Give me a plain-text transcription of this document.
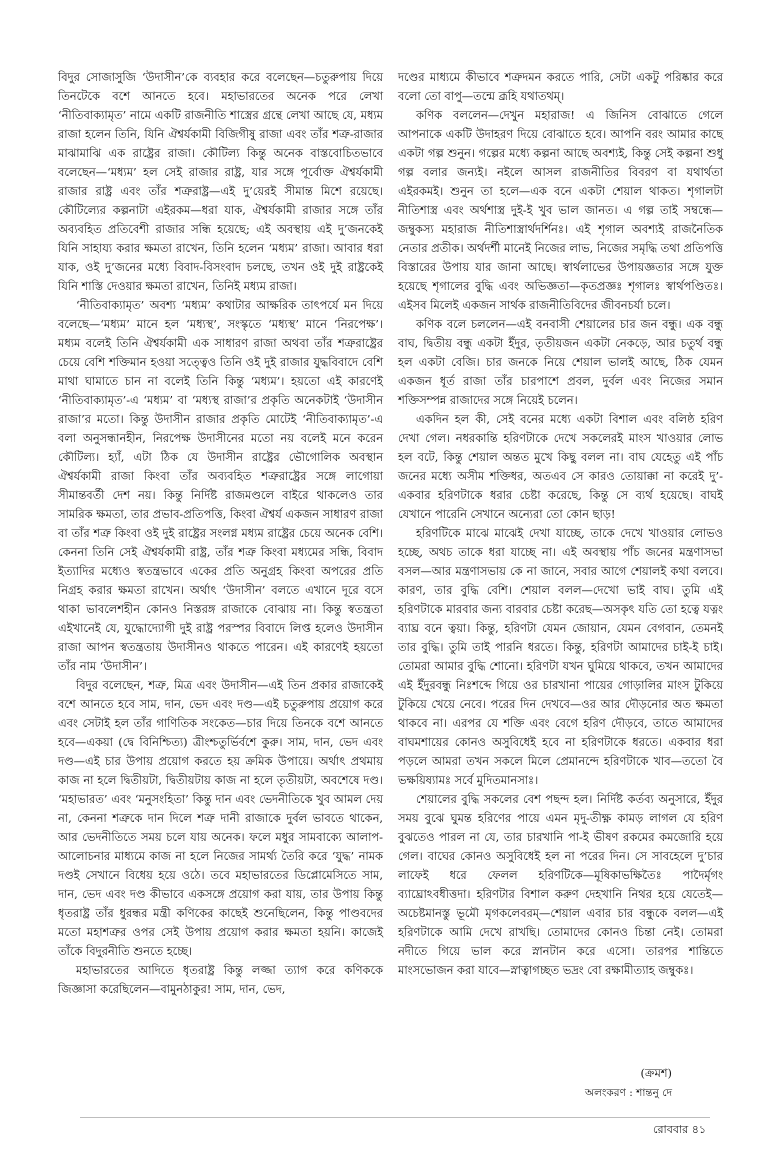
বিদুর সোজাসুজি ‘উদাসীন’কে ব্যবহার করে বলেছেন—চতুরুপায় দিয়ে তিনটেকে বশে আনতে হবে। মহাভারতের অনেক পরে লেখা ‘নীতিবাক্যামৃত’ নামে একটি রাজনীতি শাস্ত্রের গ্রন্থে লেখা আছে যে, মধ্যম রাজা হলেন তিনি, যিনি ঐশ্বর্যকামী বিজিগীষু রাজা এবং তাঁর শত্রু-রাজার মাঝামাঝি এক রাষ্ট্রের রাজা। কৌটিল্য কিন্তু অনেক বাস্তবোচিতভাবে বলেছেন—‘মধ্যম’ হল সেই রাজার রাষ্ট্র, যার সঙ্গে পূর্বোক্ত ঐশ্বর্যকামী রাজার রাষ্ট্র এবং তাঁর শত্রুরাষ্ট্র—এই দু’য়েরই সীমান্ত মিশে রয়েছে। কৌটিল্যের কল্পনাটা এইরকম—ধরা যাক, ঐশ্বর্যকামী রাজার সঙ্গে তাঁর অব্যবহিত প্রতিবেশী রাজার সন্ধি হয়েছে; এই অবস্থায় এই দু’জনকেই যিনি সাহায্য করার ক্ষমতা রাখেন, তিনি হলেন ‘মধ্যম’ রাজা। আবার ধরা যাক, ওই দু’জনের মধ্যে বিবাদ-বিসংবাদ চলছে, তখন ওই দুই রাষ্ট্রকেই যিনি শাস্তি দেওয়ার ক্ষমতা রাখেন, তিনিই মধ্যম রাজা।

‘নীতিবাক্যামৃত’ অবশ্য ‘মধ্যম’ কথাটার আক্ষরিক তাৎপর্যে মন দিয়ে বলেছে—‘মধ্যম’ মানে হল ‘মধ্যস্থ’, সংস্কৃতে ‘মধ্যস্থ’ মানে ‘নিরপেক্ষ’। মধ্যম বলেই তিনি ঐশ্বর্যকামী এক সাধারণ রাজা অথবা তাঁর শত্রুরাষ্ট্রের চেয়ে বেশি শক্তিমান হওয়া সত্ত্বেও তিনি ওই দুই রাজার যুদ্ধবিবাদে বেশি মাথা ঘামাতে চান না বলেই তিনি কিন্তু ‘মধ্যম’। হয়তো এই কারণেই ‘নীতিবাক্যামৃত’-এ ‘মধ্যম’ বা ‘মধ্যস্থ রাজা’র প্রকৃতি অনেকটাই ‘উদাসীন রাজা’র মতো। কিন্তু উদাসীন রাজার প্রকৃতি মোটেই ‘নীতিবাক্যামৃত’-এ বলা অনুসন্ধানহীন, নিরপেক্ষ উদাসীনের মতো নয় বলেই মনে করেন কৌটিল্য। হ্যাঁ, এটা ঠিক যে উদাসীন রাষ্ট্রের ভৌগোলিক অবস্থান ঐশ্বর্যকামী রাজা কিংবা তাঁর অব্যবহিত শত্রুরাষ্ট্রের সঙ্গে লাগোয়া সীমান্তবর্তী দেশ নয়। কিন্তু নির্দিষ্ট রাজমণ্ডলে বাইরে থাকলেও তার সামরিক ক্ষমতা, তার প্রভাব-প্রতিপত্তি, কিংবা ঐশ্বর্য একজন সাধারণ রাজা বা তাঁর শত্রু কিংবা ওই দুই রাষ্ট্রের সংলগ্ন মধ্যম রাষ্ট্রের চেয়ে অনেক বেশি। কেননা তিনি সেই ঐশ্বর্যকামী রাষ্ট্র, তাঁর শত্রু কিংবা মধ্যমের সন্ধি, বিবাদ ইত্যাদির মধ্যেও স্বতন্ত্রভাবে একের প্রতি অনুগ্রহ কিংবা অপরের প্রতি নিগ্রহ করার ক্ষমতা রাখেন। অর্থাৎ ‘উদাসীন’ বলতে এখানে দূরে বসে থাকা ভাবলেশহীন কোনও নিস্তরঙ্গ রাজাকে বোঝায় না। কিন্তু স্বতন্ত্রতা এইখানেই যে, যুদ্ধোদ্যোগী দুই রাষ্ট্র পরস্পর বিবাদে লিপ্ত হলেও উদাসীন রাজা আপন স্বতন্ত্রতায় উদাসীনও থাকতে পারেন। এই কারণেই হয়তো তাঁর নাম ‘উদাসীন’।

বিদুর বলেছেন, শত্রু, মিত্র এবং উদাসীন—এই তিন প্রকার রাজাকেই বশে আনতে হবে সাম, দান, ভেদ এবং দণ্ড—এই চতুরুপায় প্রয়োগ করে এবং সেটাই হল তাঁর গাণিতিক সংকেত—চার দিয়ে তিনকে বশে আনতে হবে—একয়া (দ্বে বিনিশ্চিত্য) ত্রীংশ্চতুর্ভির্বশে কুরু। সাম, দান, ভেদ এবং দণ্ড—এই চার উপায় প্রয়োগ করতে হয় ক্রমিক উপায়ে। অর্থাৎ প্রথমায় কাজ না হলে দ্বিতীয়টা, দ্বিতীয়টায় কাজ না হলে তৃতীয়টা, অবশেষে দণ্ড। ‘মহাভারত’ এবং ‘মনুসংহিতা’ কিন্তু দান এবং ভেদনীতিকে খুব আমল দেয় না, কেননা শত্রুকে দান দিলে শত্রু দানী রাজাকে দুর্বল ভাবতে থাকেন, আর ভেদনীতিতে সময় চলে যায় অনেক। ফলে মধুর সামবাক্যে আলাপ-আলোচনার মাধ্যমে কাজ না হলে নিজের সামর্থ্য তৈরি করে ‘যুদ্ধ’ নামক দণ্ডই সেখানে বিধেয় হয়ে ওঠে। তবে মহাভারতের ডিপ্লোমেসিতে সাম, দান, ভেদ এবং দণ্ড কীভাবে একসঙ্গে প্রয়োগ করা যায়, তার উপায় কিন্তু ধৃতরাষ্ট্র তাঁর ধুরন্ধর মন্ত্রী কণিকের কাছেই শুনেছিলেন, কিন্তু পাণ্ডবদের মতো মহাশত্রুর ওপর সেই উপায় প্রয়োগ করার ক্ষমতা হয়নি। কাজেই তাঁকে বিদুরনীতি শুনতে হচ্ছে।

মহাভারতের আদিতে ধৃতরাষ্ট্র কিন্তু লজ্জা ত্যাগ করে কণিককে জিজ্ঞাসা করেছিলেন—বামুনঠাকুর! সাম, দান, ভেদ,

দণ্ডের মাধ্যমে কীভাবে শত্রুদমন করতে পারি, সেটা একটু পরিষ্কার করে বলো তো বাপু—তন্মে ব্রূহি যথাতথম্।

কণিক বললেন—দেখুন মহারাজ! এ জিনিস বোঝাতে গেলে আপনাকে একটি উদাহরণ দিয়ে বোঝাতে হবে। আপনি বরং আমার কাছে একটা গল্প শুনুন। গল্পের মধ্যে কল্পনা আছে অবশ্যই, কিন্তু সেই কল্পনা শুধু গল্প বলার জন্যই। নইলে আসল রাজনীতির বিবরণ বা যথার্থতা এইরকমই। শুনুন তা হলে—এক বনে একটা শেয়াল থাকত। শৃগালটা নীতিশাস্ত্র এবং অর্থশাস্ত্র দুই-ই খুব ভাল জানত। এ গল্প তাই সম্বন্ধে—জম্বুকস্য মহারাজ নীতিশাস্ত্রার্থদর্শিনঃ। এই শৃগাল অবশ্যই রাজনৈতিক নেতার প্রতীক। অর্থদর্শী মানেই নিজের লাভ, নিজের সমৃদ্ধি তথা প্রতিপত্তি বিস্তারের উপায় যার জানা আছে। স্বার্থলাভের উপায়জ্ঞতার সঙ্গে যুক্ত হয়েছে শৃগালের বুদ্ধি এবং অভিজ্ঞতা—কৃতপ্রজ্ঞঃ শৃগালঃ স্বার্থপণ্ডিতঃ। এইসব মিলেই একজন সার্থক রাজনীতিবিদের জীবনচর্যা চলে।

কণিক বলে চললেন—এই বনবাসী শেয়ালের চার জন বন্ধু। এক বন্ধু বাঘ, দ্বিতীয় বন্ধু একটা ইঁদুর, তৃতীয়জন একটা নেকড়ে, আর চতুর্থ বন্ধু হল একটা বেজি। চার জনকে নিয়ে শেয়াল ভালই আছে, ঠিক যেমন একজন ধূর্ত রাজা তাঁর চারপাশে প্রবল, দুর্বল এবং নিজের সমান শক্তিসম্পন্ন রাজাদের সঙ্গে নিয়েই চলেন।

একদিন হল কী, সেই বনের মধ্যে একটা বিশাল এবং বলিষ্ঠ হরিণ দেখা গেল। নধরকান্তি হরিণটাকে দেখে সকলেরই মাংস খাওয়ার লোভ হল বটে, কিন্তু শেয়াল অন্তত মুখে কিছু বলল না। বাঘ যেহেতু এই পাঁচ জনের মধ্যে অসীম শক্তিধর, অতএব সে কারও তোয়াক্কা না করেই দু’-একবার হরিণটাকে ধরার চেষ্টা করেছে, কিন্তু সে ব্যর্থ হয়েছে। বাঘই যেখানে পারেনি সেখানে অন্যেরা তো কোন ছাড়!

হরিণটিকে মাঝে মাঝেই দেখা যাচ্ছে, তাকে দেখে খাওয়ার লোভও হচ্ছে, অথচ তাকে ধরা যাচ্ছে না। এই অবস্থায় পাঁচ জনের মন্ত্রণাসভা বসল—আর মন্ত্রণাসভায় কে না জানে, সবার আগে শেয়ালই কথা বলবে। কারণ, তার বুদ্ধি বেশি। শেয়াল বলল—দেখো ভাই বাঘ। তুমি এই হরিণটাকে মারবার জন্য বারবার চেষ্টা করেছ—অসকৃৎ যতি তো হত্বে যত্নং ব্যাঘ্র বনে ত্বয়া। কিন্তু, হরিণটা যেমন জোয়ান, যেমন বেগবান, তেমনই তার বুদ্ধি। তুমি তাই পারনি ধরতে। কিন্তু, হরিণটা আমাদের চাই-ই চাই। তোমরা আমার বুদ্ধি শোনো। হরিণটা যখন ঘুমিয়ে থাকবে, তখন আমাদের এই ইঁদুরবন্ধু নিঃশব্দে গিয়ে ওর চারখানা পায়ের গোড়ালির মাংস টুকিয়ে টুকিয়ে খেয়ে নেবে। পরের দিন দেখবে—ওর আর দৌড়নোর অত ক্ষমতা থাকবে না। এরপর যে শক্তি এবং বেগে হরিণ দৌড়বে, তাতে আমাদের বাঘমশায়ের কোনও অসুবিধেই হবে না হরিণটাকে ধরতে। একবার ধরা পড়লে আমরা তখন সকলে মিলে প্রেমানন্দে হরিণটাকে খাব—ততো বৈ ভক্ষয়িষ্যামঃ সর্বে মুদিতমানসাঃ।

শেয়ালের বুদ্ধি সকলের বেশ পছন্দ হল। নির্দিষ্ট কর্তব্য অনুসারে, ইঁদুর সময় বুঝে ঘুমন্ত হরিণের পায়ে এমন মৃদু-তীক্ষ্ণ কামড় লাগল যে হরিণ বুঝতেও পারল না যে, তার চারখানি পা-ই ভীষণ রকমের কমজোরি হয়ে গেল। বাঘের কোনও অসুবিধেই হল না পরের দিন। সে সাবহেলে দু’চার লাফেই ধরে ফেলল হরিণটিকে—মূষিকাভক্ষিতৈঃ পাদৈর্মৃগং ব্যাঘ্রোঽবধীত্তদা। হরিণটার বিশাল করুণ দেহখানি নিথর হয়ে যেতেই—অচেষ্টমানস্তু ভূমৌ মৃগকলেবরম্—শেয়াল এবার চার বন্ধুকে বলল—এই হরিণটাকে আমি দেখে রাখছি। তোমাদের কোনও চিন্তা নেই। তোমরা নদীতে গিয়ে ভাল করে স্নানটান করে এসো। তারপর শান্তিতে মাংসভোজন করা যাবে—স্নাত্বাগচ্ছত ভদ্রং বো রক্ষামীত্যাহ জম্বুকঃ।

(ক্রমশ)
অলংকরণ : শান্তনু দে
রোববার ৪১
